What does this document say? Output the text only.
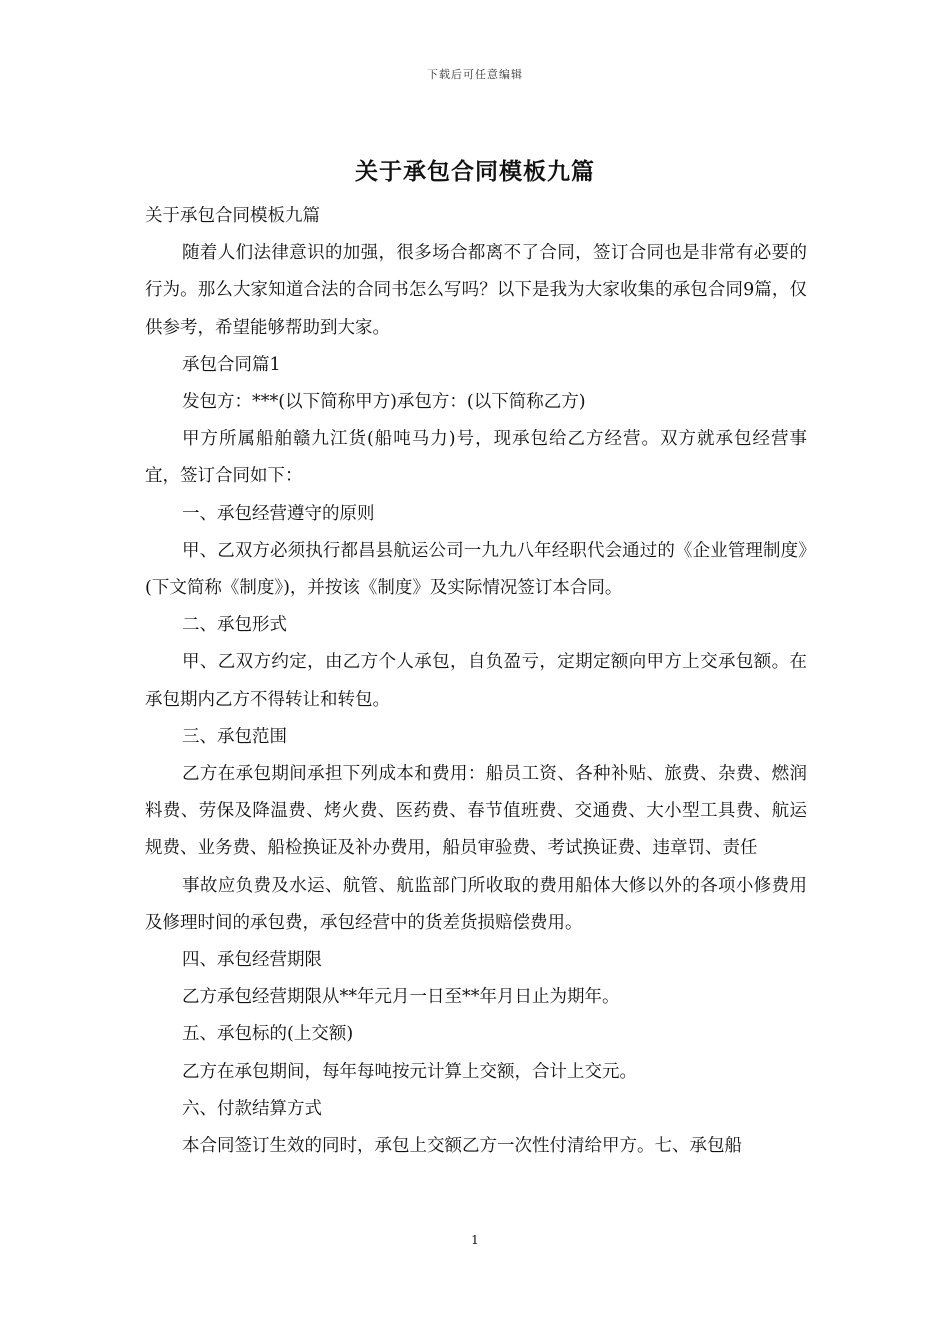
下载后可任意编辑
关于承包合同模板九篇

关于承包合同模板九篇

随着人们法律意识的加强，很多场合都离不了合同，签订合同也是非常有必要的行为。那么大家知道合法的合同书怎么写吗？以下是我为大家收集的承包合同9篇，仅供参考，希望能够帮助到大家。

承包合同篇1

发包方：***(以下简称甲方)承包方：(以下简称乙方)

甲方所属船舶赣九江货(船吨马力)号，现承包给乙方经营。双方就承包经营事宜，签订合同如下：

一、承包经营遵守的原则

甲、乙双方必须执行都昌县航运公司一九九八年经职代会通过的《企业管理制度》(下文简称《制度》)，并按该《制度》及实际情况签订本合同。

二、承包形式

甲、乙双方约定，由乙方个人承包，自负盈亏，定期定额向甲方上交承包额。在承包期内乙方不得转让和转包。

三、承包范围

乙方在承包期间承担下列成本和费用：船员工资、各种补贴、旅费、杂费、燃润料费、劳保及降温费、烤火费、医药费、春节值班费、交通费、大小型工具费、航运规费、业务费、船检换证及补办费用，船员审验费、考试换证费、违章罚、责任

事故应负费及水运、航管、航监部门所收取的费用船体大修以外的各项小修费用及修理时间的承包费，承包经营中的货差货损赔偿费用。

四、承包经营期限

乙方承包经营期限从**年元月一日至**年月日止为期年。

五、承包标的(上交额)

乙方在承包期间，每年每吨按元计算上交额，合计上交元。

六、付款结算方式

本合同签订生效的同时，承包上交额乙方一次性付清给甲方。七、承包船

1
